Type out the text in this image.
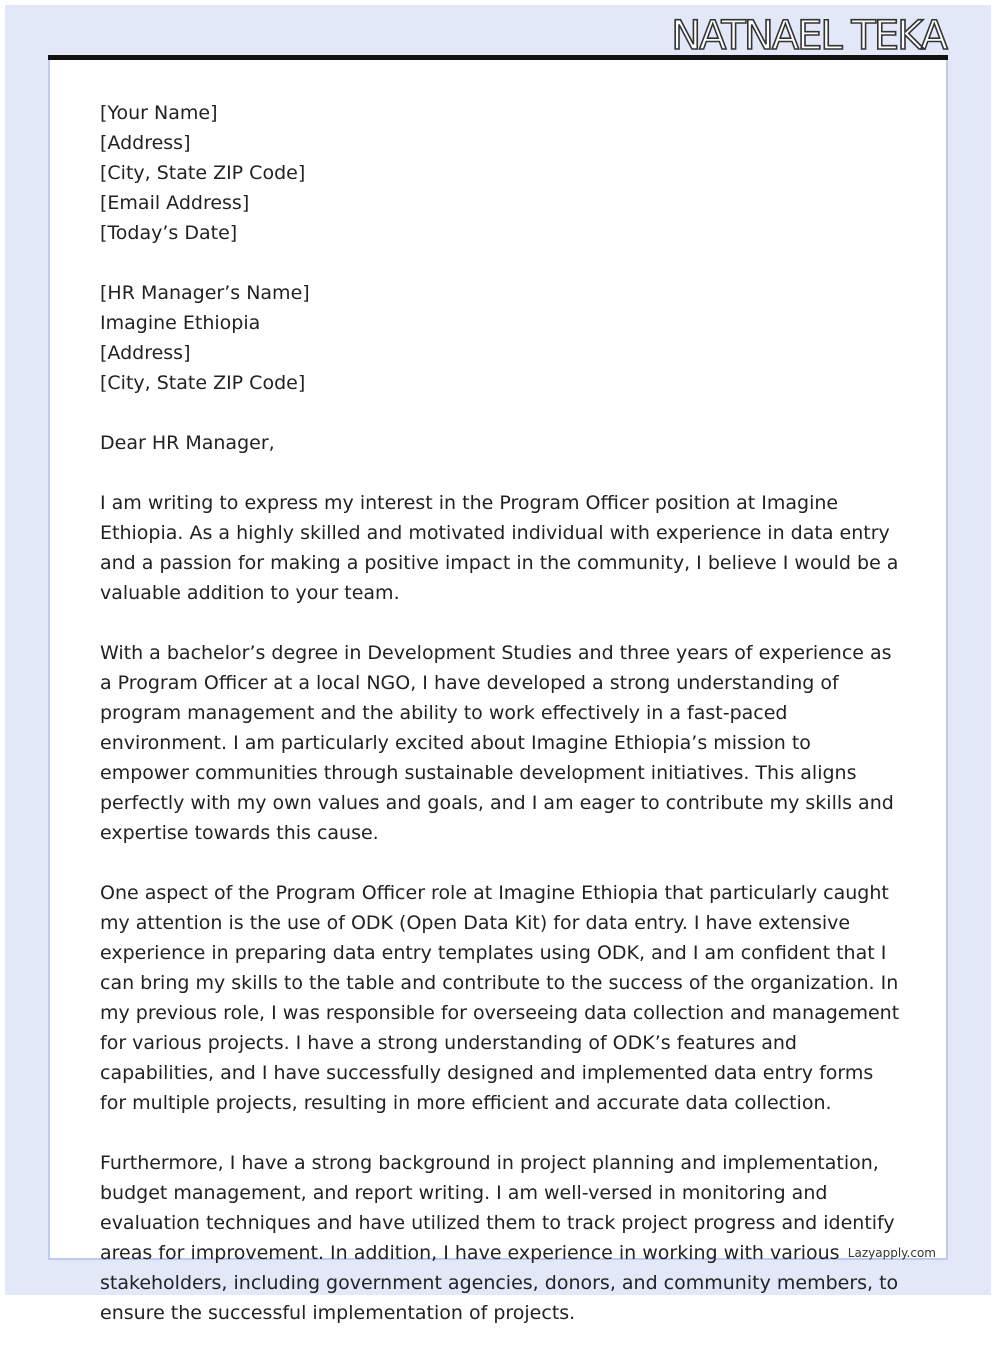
NATNAEL TEKA
[Your Name]
[Address]
[City, State ZIP Code]
[Email Address]
[Today’s Date]
[HR Manager’s Name]
Imagine Ethiopia
[Address]
[City, State ZIP Code]

Dear HR Manager,

I am writing to express my interest in the Program Officer position at Imagine Ethiopia. As a highly skilled and motivated individual with experience in data entry and a passion for making a positive impact in the community, I believe I would be a valuable addition to your team.

With a bachelor’s degree in Development Studies and three years of experience as a Program Officer at a local NGO, I have developed a strong understanding of program management and the ability to work effectively in a fast-paced environment. I am particularly excited about Imagine Ethiopia’s mission to empower communities through sustainable development initiatives. This aligns perfectly with my own values and goals, and I am eager to contribute my skills and expertise towards this cause.

One aspect of the Program Officer role at Imagine Ethiopia that particularly caught my attention is the use of ODK (Open Data Kit) for data entry. I have extensive experience in preparing data entry templates using ODK, and I am confident that I can bring my skills to the table and contribute to the success of the organization. In my previous role, I was responsible for overseeing data collection and management for various projects. I have a strong understanding of ODK’s features and capabilities, and I have successfully designed and implemented data entry forms for multiple projects, resulting in more efficient and accurate data collection.

Furthermore, I have a strong background in project planning and implementation, budget management, and report writing. I am well-versed in monitoring and evaluation techniques and have utilized them to track project progress and identify areas for improvement. In addition, I have experience in working with various stakeholders, including government agencies, donors, and community members, to ensure the successful implementation of projects.

Lazyapply.com
